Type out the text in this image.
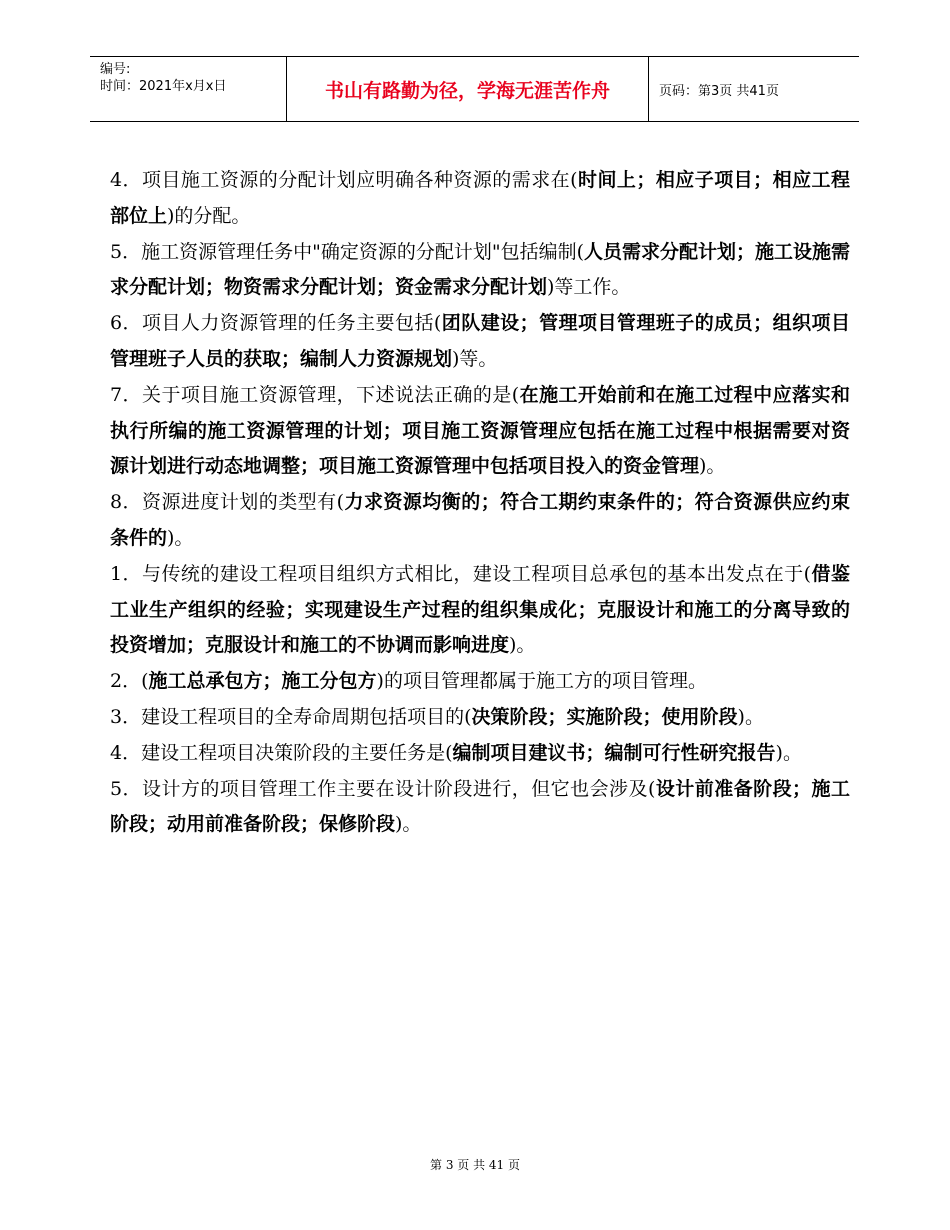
编号:
时间：2021年x月x日	书山有路勤为径，学海无涯苦作舟	页码：第3页 共41页

4．项目施工资源的分配计划应明确各种资源的需求在(时间上；相应子项目；相应工程部位上)的分配。

5．施工资源管理任务中"确定资源的分配计划"包括编制(人员需求分配计划；施工设施需求分配计划；物资需求分配计划；资金需求分配计划)等工作。

6．项目人力资源管理的任务主要包括(团队建设；管理项目管理班子的成员；组织项目管理班子人员的获取；编制人力资源规划)等。

7．关于项目施工资源管理，下述说法正确的是(在施工开始前和在施工过程中应落实和执行所编的施工资源管理的计划；项目施工资源管理应包括在施工过程中根据需要对资源计划进行动态地调整；项目施工资源管理中包括项目投入的资金管理)。

8．资源进度计划的类型有(力求资源均衡的；符合工期约束条件的；符合资源供应约束条件的)。

1．与传统的建设工程项目组织方式相比，建设工程项目总承包的基本出发点在于(借鉴工业生产组织的经验；实现建设生产过程的组织集成化；克服设计和施工的分离导致的投资增加；克服设计和施工的不协调而影响进度)。

2．(施工总承包方；施工分包方)的项目管理都属于施工方的项目管理。

3．建设工程项目的全寿命周期包括项目的(决策阶段；实施阶段；使用阶段)。

4．建设工程项目决策阶段的主要任务是(编制项目建议书；编制可行性研究报告)。

5．设计方的项目管理工作主要在设计阶段进行，但它也会涉及(设计前准备阶段；施工阶段；动用前准备阶段；保修阶段)。

第 3 页 共 41 页
